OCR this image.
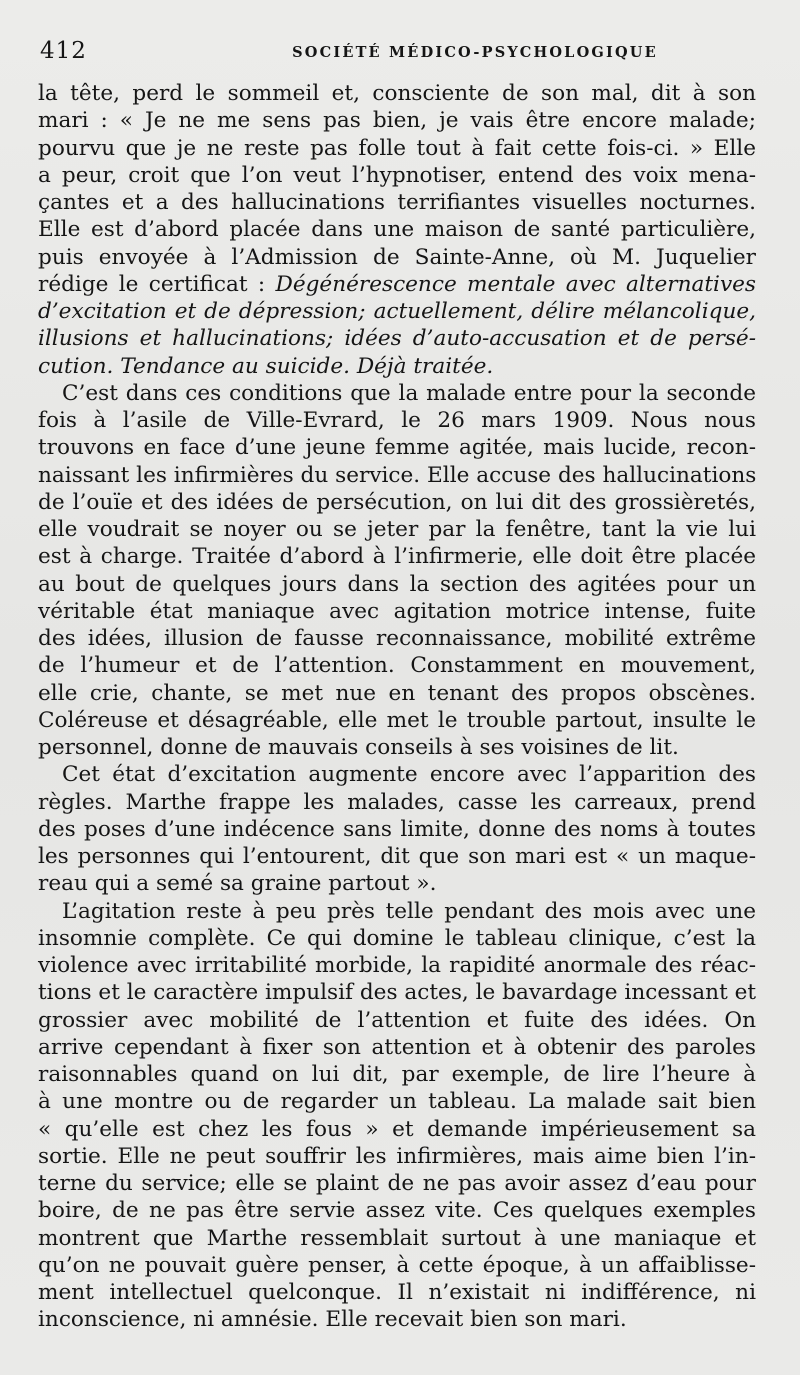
412	SOCIÉTÉ MÉDICO-PSYCHOLOGIQUE
la tête, perd le sommeil et, consciente de son mal, dit à son
mari : « Je ne me sens pas bien, je vais être encore malade;
pourvu que je ne reste pas folle tout à fait cette fois-ci. » Elle
a peur, croit que l’on veut l’hypnotiser, entend des voix mena-
çantes et a des hallucinations terrifiantes visuelles nocturnes.
Elle est d’abord placée dans une maison de santé particulière,
puis envoyée à l’Admission de Sainte-Anne, où M. Juquelier
rédige le certificat : Dégénérescence mentale avec alternatives
d’excitation et de dépression; actuellement, délire mélancolique,
illusions et hallucinations; idées d’auto-accusation et de persé-
cution. Tendance au suicide. Déjà traitée.
C’est dans ces conditions que la malade entre pour la seconde
fois à l’asile de Ville-Evrard, le 26 mars 1909. Nous nous
trouvons en face d’une jeune femme agitée, mais lucide, recon-
naissant les infirmières du service. Elle accuse des hallucinations
de l’ouïe et des idées de persécution, on lui dit des grossièretés,
elle voudrait se noyer ou se jeter par la fenêtre, tant la vie lui
est à charge. Traitée d’abord à l’infirmerie, elle doit être placée
au bout de quelques jours dans la section des agitées pour un
véritable état maniaque avec agitation motrice intense, fuite
des idées, illusion de fausse reconnaissance, mobilité extrême
de l’humeur et de l’attention. Constamment en mouvement,
elle crie, chante, se met nue en tenant des propos obscènes.
Coléreuse et désagréable, elle met le trouble partout, insulte le
personnel, donne de mauvais conseils à ses voisines de lit.
Cet état d’excitation augmente encore avec l’apparition des
règles. Marthe frappe les malades, casse les carreaux, prend
des poses d’une indécence sans limite, donne des noms à toutes
les personnes qui l’entourent, dit que son mari est « un maque-
reau qui a semé sa graine partout ».
L’agitation reste à peu près telle pendant des mois avec une
insomnie complète. Ce qui domine le tableau clinique, c’est la
violence avec irritabilité morbide, la rapidité anormale des réac-
tions et le caractère impulsif des actes, le bavardage incessant et
grossier avec mobilité de l’attention et fuite des idées. On
arrive cependant à fixer son attention et à obtenir des paroles
raisonnables quand on lui dit, par exemple, de lire l’heure à
à une montre ou de regarder un tableau. La malade sait bien
« qu’elle est chez les fous » et demande impérieusement sa
sortie. Elle ne peut souffrir les infirmières, mais aime bien l’in-
terne du service; elle se plaint de ne pas avoir assez d’eau pour
boire, de ne pas être servie assez vite. Ces quelques exemples
montrent que Marthe ressemblait surtout à une maniaque et
qu’on ne pouvait guère penser, à cette époque, à un affaiblisse-
ment intellectuel quelconque. Il n’existait ni indifférence, ni
inconscience, ni amnésie. Elle recevait bien son mari.
